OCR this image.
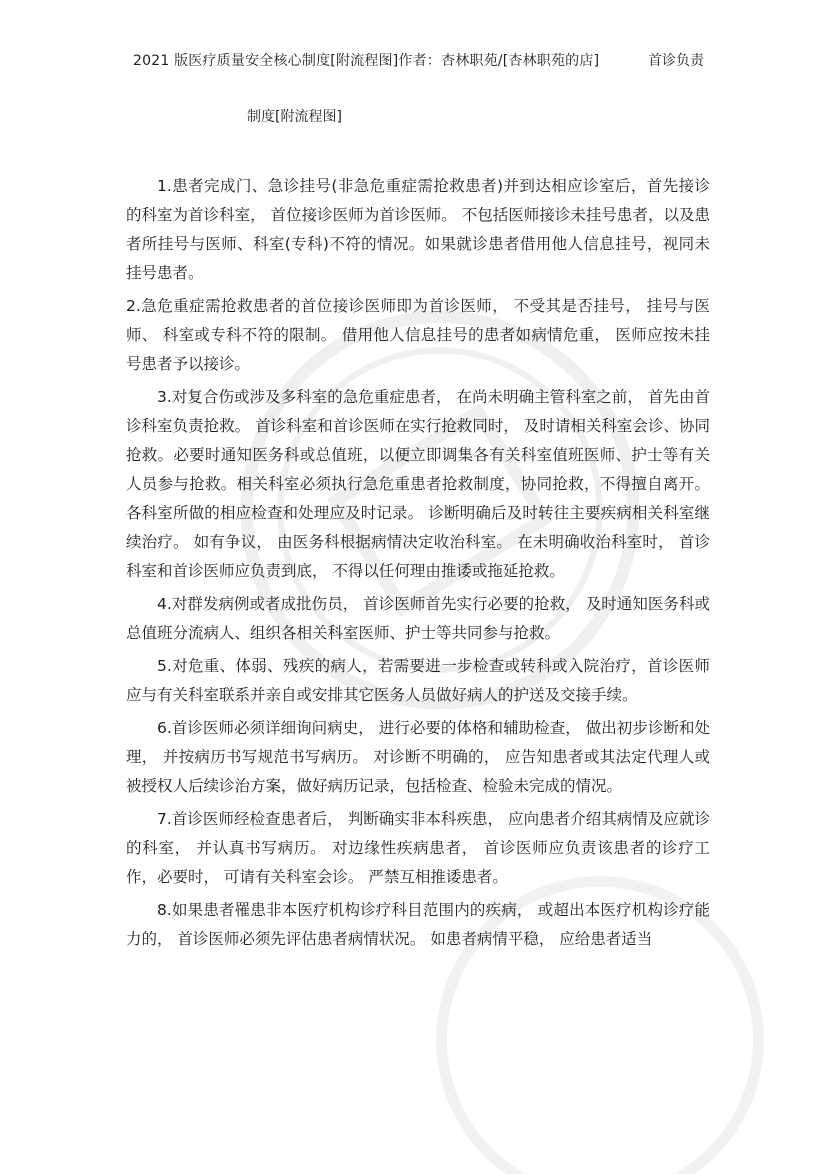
2021 版医疗质量安全核心制度[附流程图]作者：杏林职苑/[杏林职苑的店]	首诊负责
制度[附流程图]

1.患者完成门、急诊挂号(非急危重症需抢救患者)并到达相应诊室后，首先接诊的科室为首诊科室， 首位接诊医师为首诊医师。 不包括医师接诊未挂号患者，以及患者所挂号与医师、科室(专科)不符的情况。如果就诊患者借用他人信息挂号，视同未挂号患者。

2.急危重症需抢救患者的首位接诊医师即为首诊医师， 不受其是否挂号， 挂号与医师、 科室或专科不符的限制。 借用他人信息挂号的患者如病情危重， 医师应按未挂号患者予以接诊。

3.对复合伤或涉及多科室的急危重症患者， 在尚未明确主管科室之前， 首先由首诊科室负责抢救。 首诊科室和首诊医师在实行抢救同时， 及时请相关科室会诊、协同抢救。必要时通知医务科或总值班，以便立即调集各有关科室值班医师、护士等有关人员参与抢救。相关科室必须执行急危重患者抢救制度，协同抢救，不得擅自离开。 各科室所做的相应检查和处理应及时记录。 诊断明确后及时转往主要疾病相关科室继续治疗。 如有争议， 由医务科根据病情决定收治科室。 在未明确收治科室时， 首诊科室和首诊医师应负责到底， 不得以任何理由推诿或拖延抢救。

4.对群发病例或者成批伤员， 首诊医师首先实行必要的抢救， 及时通知医务科或总值班分流病人、组织各相关科室医师、护士等共同参与抢救。

5.对危重、体弱、残疾的病人，若需要进一步检查或转科或入院治疗，首诊医师应与有关科室联系并亲自或安排其它医务人员做好病人的护送及交接手续。

6.首诊医师必须详细询问病史， 进行必要的体格和辅助检查， 做出初步诊断和处理， 并按病历书写规范书写病历。 对诊断不明确的， 应告知患者或其法定代理人或被授权人后续诊治方案，做好病历记录，包括检查、检验未完成的情况。

7.首诊医师经检查患者后， 判断确实非本科疾患， 应向患者介绍其病情及应就诊的科室， 并认真书写病历。 对边缘性疾病患者， 首诊医师应负责该患者的诊疗工作，必要时， 可请有关科室会诊。 严禁互相推诿患者。

8.如果患者罹患非本医疗机构诊疗科目范围内的疾病， 或超出本医疗机构诊疗能力的， 首诊医师必须先评估患者病情状况。 如患者病情平稳， 应给患者适当
